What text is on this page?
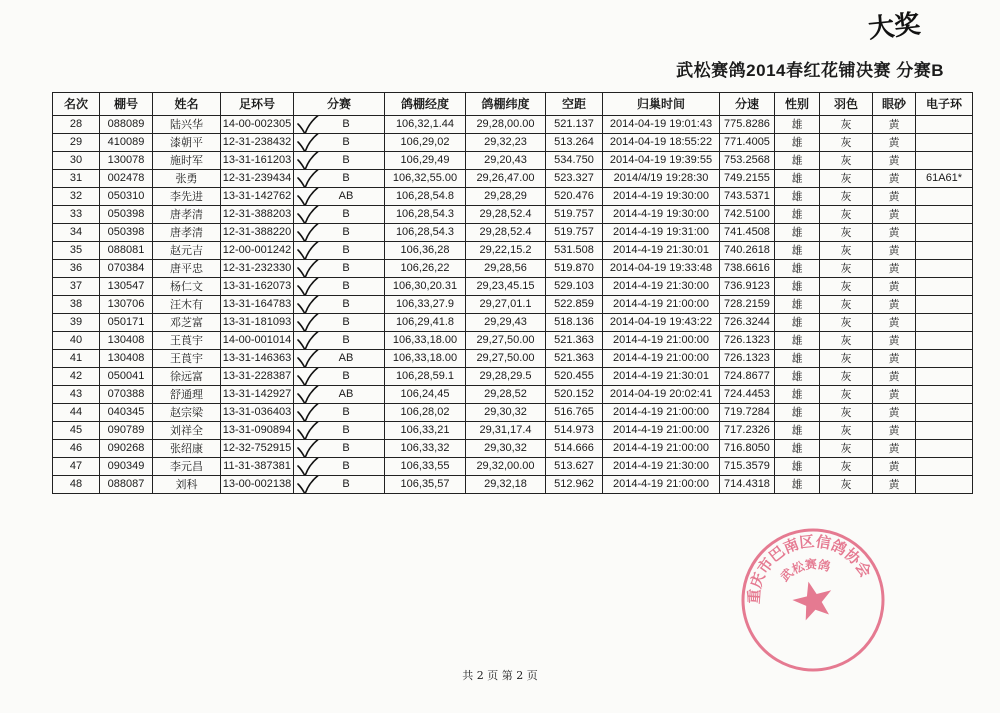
大奖
武松赛鸽2014春红花铺决赛 分赛B
名次	棚号	姓名	足环号	分赛	鸽棚经度	鸽棚纬度	空距	归巢时间	分速	性别	羽色	眼砂	电子环
28	088089	陆兴华	14-00-002305	B	106,32,1.44	29,28,00.00	521.137	2014-04-19 19:01:43	775.8286	雄	灰	黄	
29	410089	漆朝平	12-31-238432	B	106,29,02	29,32,23	513.264	2014-04-19 18:55:22	771.4005	雄	灰	黄	
30	130078	施时军	13-31-161203	B	106,29,49	29,20,43	534.750	2014-04-19 19:39:55	753.2568	雄	灰	黄	
31	002478	张勇	12-31-239434	B	106,32,55.00	29,26,47.00	523.327	2014/4/19 19:28:30	749.2155	雄	灰	黄	61A61*
32	050310	李先进	13-31-142762	AB	106,28,54.8	29,28,29	520.476	2014-4-19 19:30:00	743.5371	雄	灰	黄	
33	050398	唐孝清	12-31-388203	B	106,28,54.3	29,28,52.4	519.757	2014-4-19 19:30:00	742.5100	雄	灰	黄	
34	050398	唐孝清	12-31-388220	B	106,28,54.3	29,28,52.4	519.757	2014-4-19 19:31:00	741.4508	雄	灰	黄	
35	088081	赵元吉	12-00-001242	B	106,36,28	29,22,15.2	531.508	2014-4-19 21:30:01	740.2618	雄	灰	黄	
36	070384	唐平忠	12-31-232330	B	106,26,22	29,28,56	519.870	2014-04-19 19:33:48	738.6616	雄	灰	黄	
37	130547	杨仁文	13-31-162073	B	106,30,20.31	29,23,45.15	529.103	2014-4-19 21:30:00	736.9123	雄	灰	黄	
38	130706	汪木有	13-31-164783	B	106,33,27.9	29,27,01.1	522.859	2014-4-19 21:00:00	728.2159	雄	灰	黄	
39	050171	邓芝富	13-31-181093	B	106,29,41.8	29,29,43	518.136	2014-04-19 19:43:22	726.3244	雄	灰	黄	
40	130408	王莨宇	14-00-001014	B	106,33,18.00	29,27,50.00	521.363	2014-4-19 21:00:00	726.1323	雄	灰	黄	
41	130408	王莨宇	13-31-146363	AB	106,33,18.00	29,27,50.00	521.363	2014-4-19 21:00:00	726.1323	雄	灰	黄	
42	050041	徐远富	13-31-228387	B	106,28,59.1	29,28,29.5	520.455	2014-4-19 21:30:01	724.8677	雄	灰	黄	
43	070388	舒通理	13-31-142927	AB	106,24,45	29,28,52	520.152	2014-04-19 20:02:41	724.4453	雄	灰	黄	
44	040345	赵宗梁	13-31-036403	B	106,28,02	29,30,32	516.765	2014-4-19 21:00:00	719.7284	雄	灰	黄	
45	090789	刘祥全	13-31-090894	B	106,33,21	29,31,17.4	514.973	2014-4-19 21:00:00	717.2326	雄	灰	黄	
46	090268	张绍康	12-32-752915	B	106,33,32	29,30,32	514.666	2014-4-19 21:00:00	716.8050	雄	灰	黄	
47	090349	李元昌	11-31-387381	B	106,33,55	29,32,00.00	513.627	2014-4-19 21:30:00	715.3579	雄	灰	黄	
48	088087	刘科	13-00-002138	B	106,35,57	29,32,18	512.962	2014-4-19 21:00:00	714.4318	雄	灰	黄	
共 2 页 第 2 页
重庆市巴南区信鸽协会
武松赛鸽
